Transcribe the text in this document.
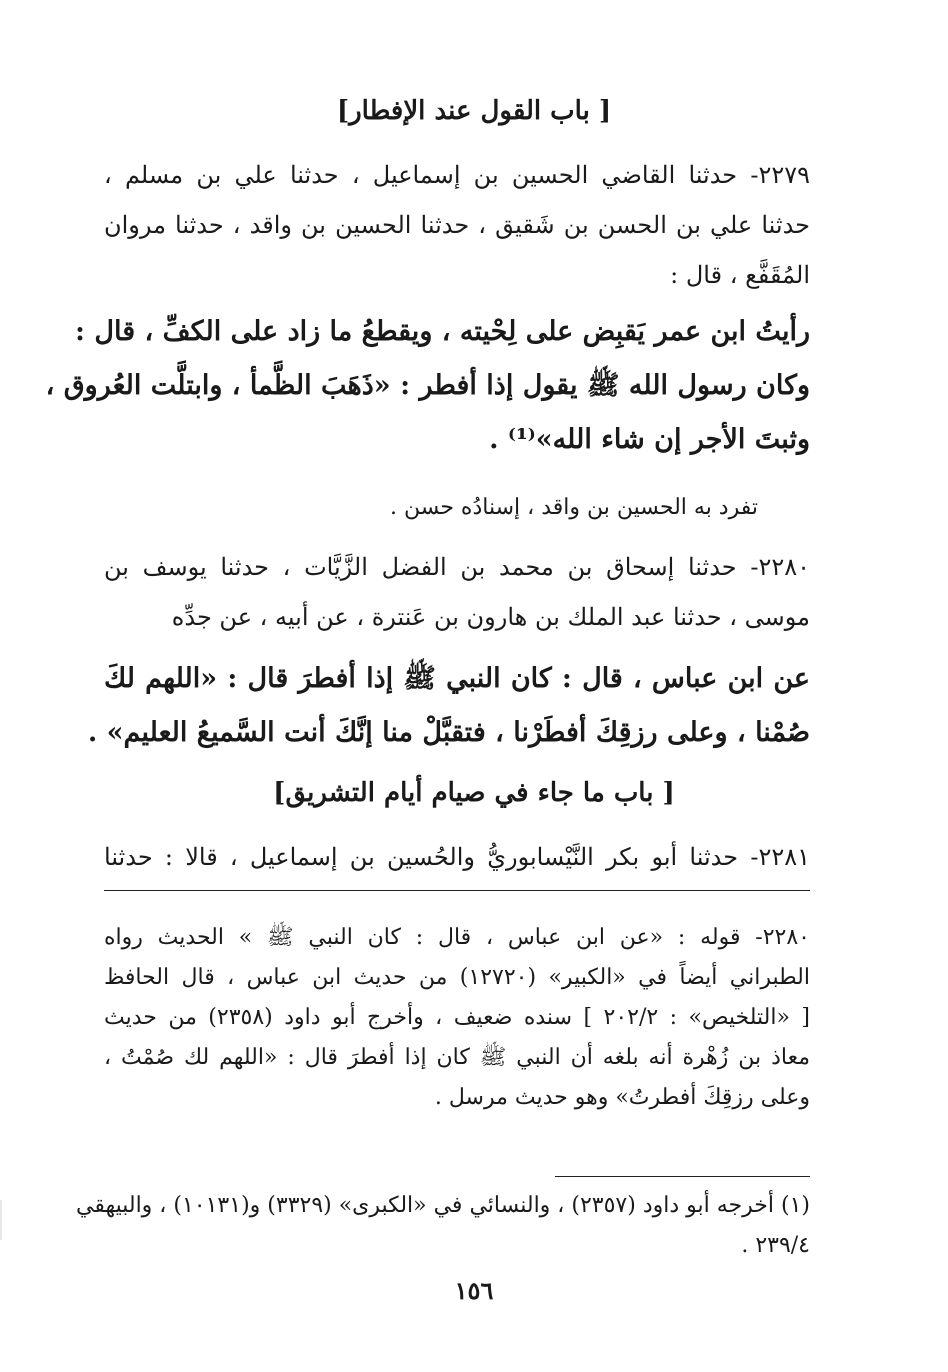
[ باب القول عند الإفطار]
٢٢٧٩- حدثنا القاضي الحسين بن إسماعيل ، حدثنا علي بن مسلم ،
حدثنا علي بن الحسن بن شَقيق ، حدثنا الحسين بن واقد ، حدثنا مروان
المُقَفَّع ، قال :
رأيتُ ابن عمر يَقبِض على لِحْيته ، ويقطعُ ما زاد على الكفِّ ، قال :
وكان رسول الله ﷺ يقول إذا أفطر : «ذَهَبَ الظَّمأ ، وابتلَّت العُروق ،
وثبتَ الأجر إن شاء الله»⁽¹⁾ .
تفرد به الحسين بن واقد ، إسنادُه حسن .
٢٢٨٠- حدثنا إسحاق بن محمد بن الفضل الزَّيَّات ، حدثنا يوسف بن
موسى ، حدثنا عبد الملك بن هارون بن عَنترة ، عن أبيه ، عن جدِّه
عن ابن عباس ، قال : كان النبي ﷺ إذا أفطرَ قال : «اللهم لكَ
صُمْنا ، وعلى رزقِكَ أفطَرْنا ، فتقبَّلْ منا إنَّكَ أنت السَّميعُ العليم» .
[ باب ما جاء في صيام أيام التشريق]
٢٢٨١- حدثنا أبو بكر النَّيْسابوريُّ والحُسين بن إسماعيل ، قالا : حدثنا
٢٢٨٠- قوله : «عن ابن عباس ، قال : كان النبي ﷺ » الحديث رواه
الطبراني أيضاً في «الكبير» (١٢٧٢٠) من حديث ابن عباس ، قال الحافظ
[ «التلخيص» : ٢٠٢/٢ ] سنده ضعيف ، وأخرج أبو داود (٢٣٥٨) من حديث
معاذ بن زُهْرة أنه بلغه أن النبي ﷺ كان إذا أفطرَ قال : «اللهم لك صُمْتُ ،
وعلى رزقِكَ أفطرتُ» وهو حديث مرسل .
(١) أخرجه أبو داود (٢٣٥٧) ، والنسائي في «الكبرى» (٣٣٢٩) و(١٠١٣١) ، والبيهقي
٢٣٩/٤ .
١٥٦
